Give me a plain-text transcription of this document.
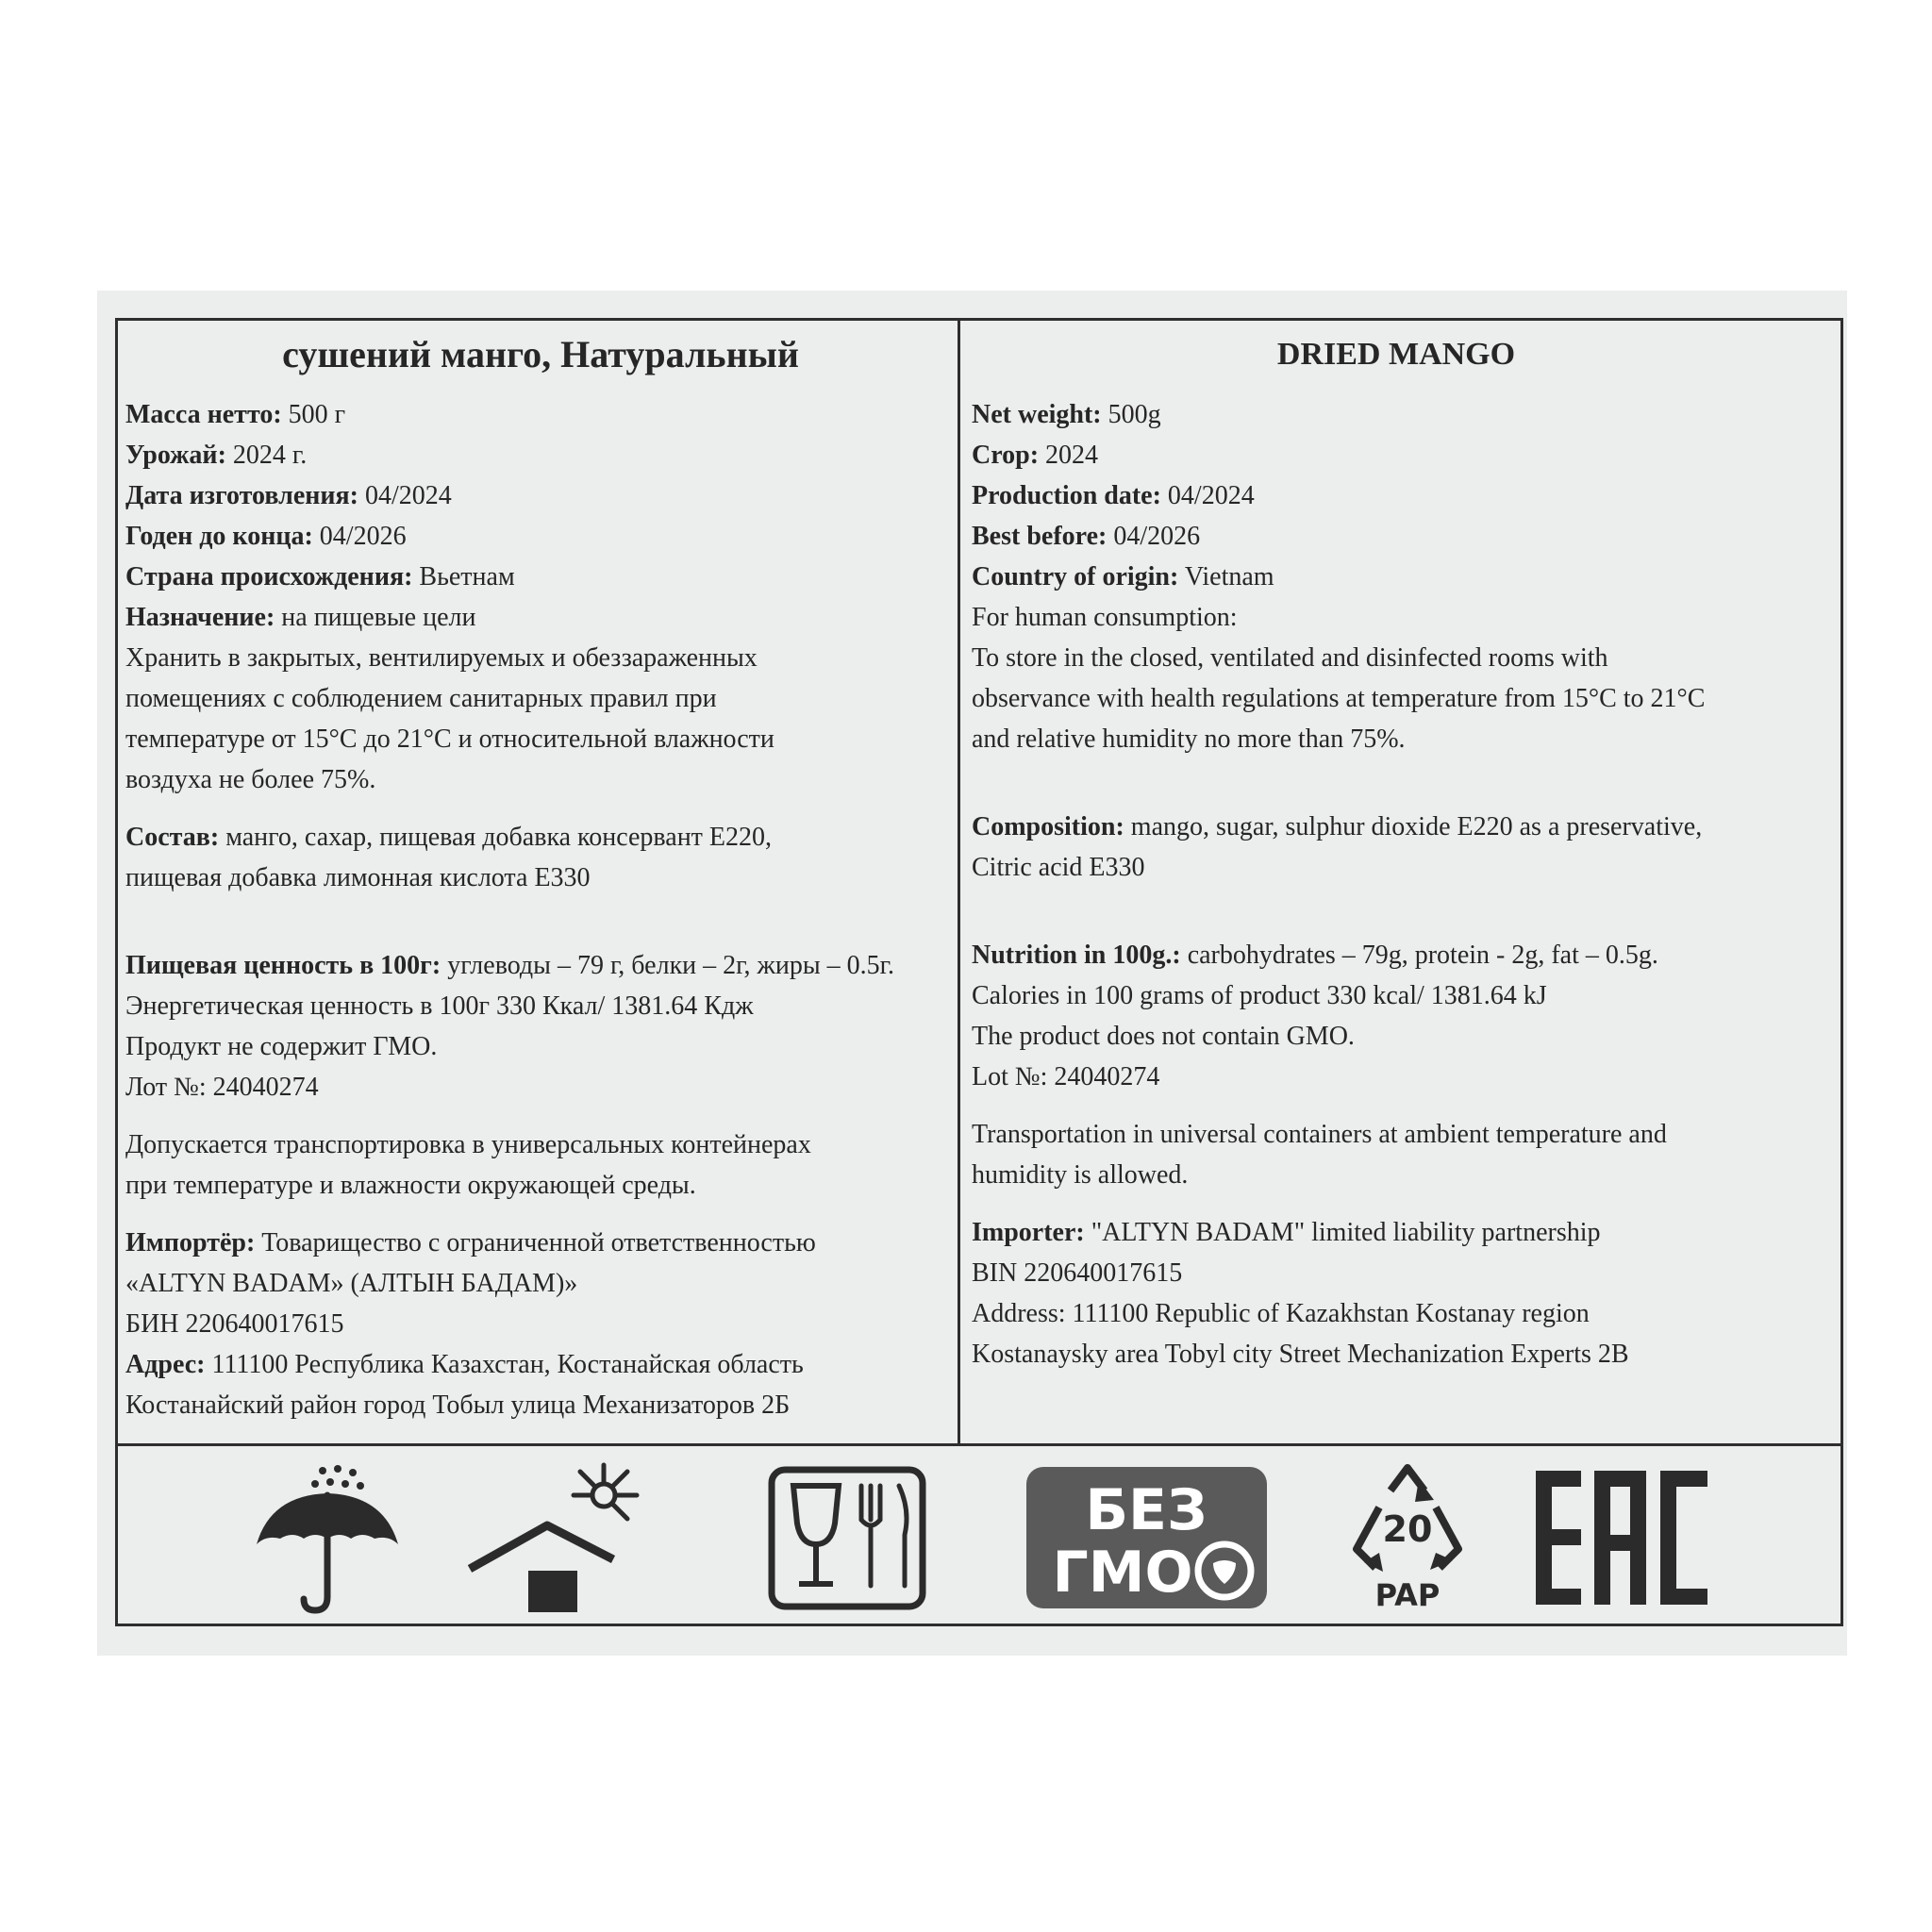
сушений манго, Натуральный
Масса нетто: 500 г
Урожай: 2024 г.
Дата изготовления: 04/2024
Годен до конца: 04/2026
Страна происхождения: Вьетнам
Назначение: на пищевые цели
Хранить в закрытых, вентилируемых и обеззараженных
помещениях с соблюдением санитарных правил при
температуре от 15°С до 21°С и относительной влажности
воздуха не более 75%.
Состав: манго, сахар, пищевая добавка консервант Е220,
пищевая добавка лимонная кислота Е330
Пищевая ценность в 100г: углеводы – 79 г, белки – 2г, жиры – 0.5г.
Энергетическая ценность в 100г 330 Ккал/ 1381.64 Кдж
Продукт не содержит ГМО.
Лот №: 24040274
Допускается транспортировка в универсальных контейнерах
при температуре и влажности окружающей среды.
Импортёр: Товарищество с ограниченной ответственностью
«ALTYN BADAM» (АЛТЫН БАДАМ)»
БИН 220640017615
Адрес: 111100 Республика Казахстан, Костанайская область
Костанайский район город Тобыл улица Механизаторов 2Б
DRIED MANGO
Net weight: 500g
Crop: 2024
Production date: 04/2024
Best before: 04/2026
Country of origin: Vietnam
For human consumption:
To store in the closed, ventilated and disinfected rooms with
observance with health regulations at temperature from 15°C to 21°C
and relative humidity no more than 75%.
Composition: mango, sugar, sulphur dioxide E220 as a preservative,
Citric acid E330
Nutrition in 100g.: carbohydrates – 79g, protein - 2g, fat – 0.5g.
Calories in 100 grams of product 330 kcal/ 1381.64 kJ
The product does not contain GMO.
Lot №: 24040274
Transportation in universal containers at ambient temperature and
humidity is allowed.
Importer: "ALTYN BADAM" limited liability partnership
BIN 220640017615
Address: 111100 Republic of Kazakhstan Kostanay region
Kostanaysky area Tobyl city Street Mechanization Experts 2B
БЕЗ
ГМО
20
PAP
